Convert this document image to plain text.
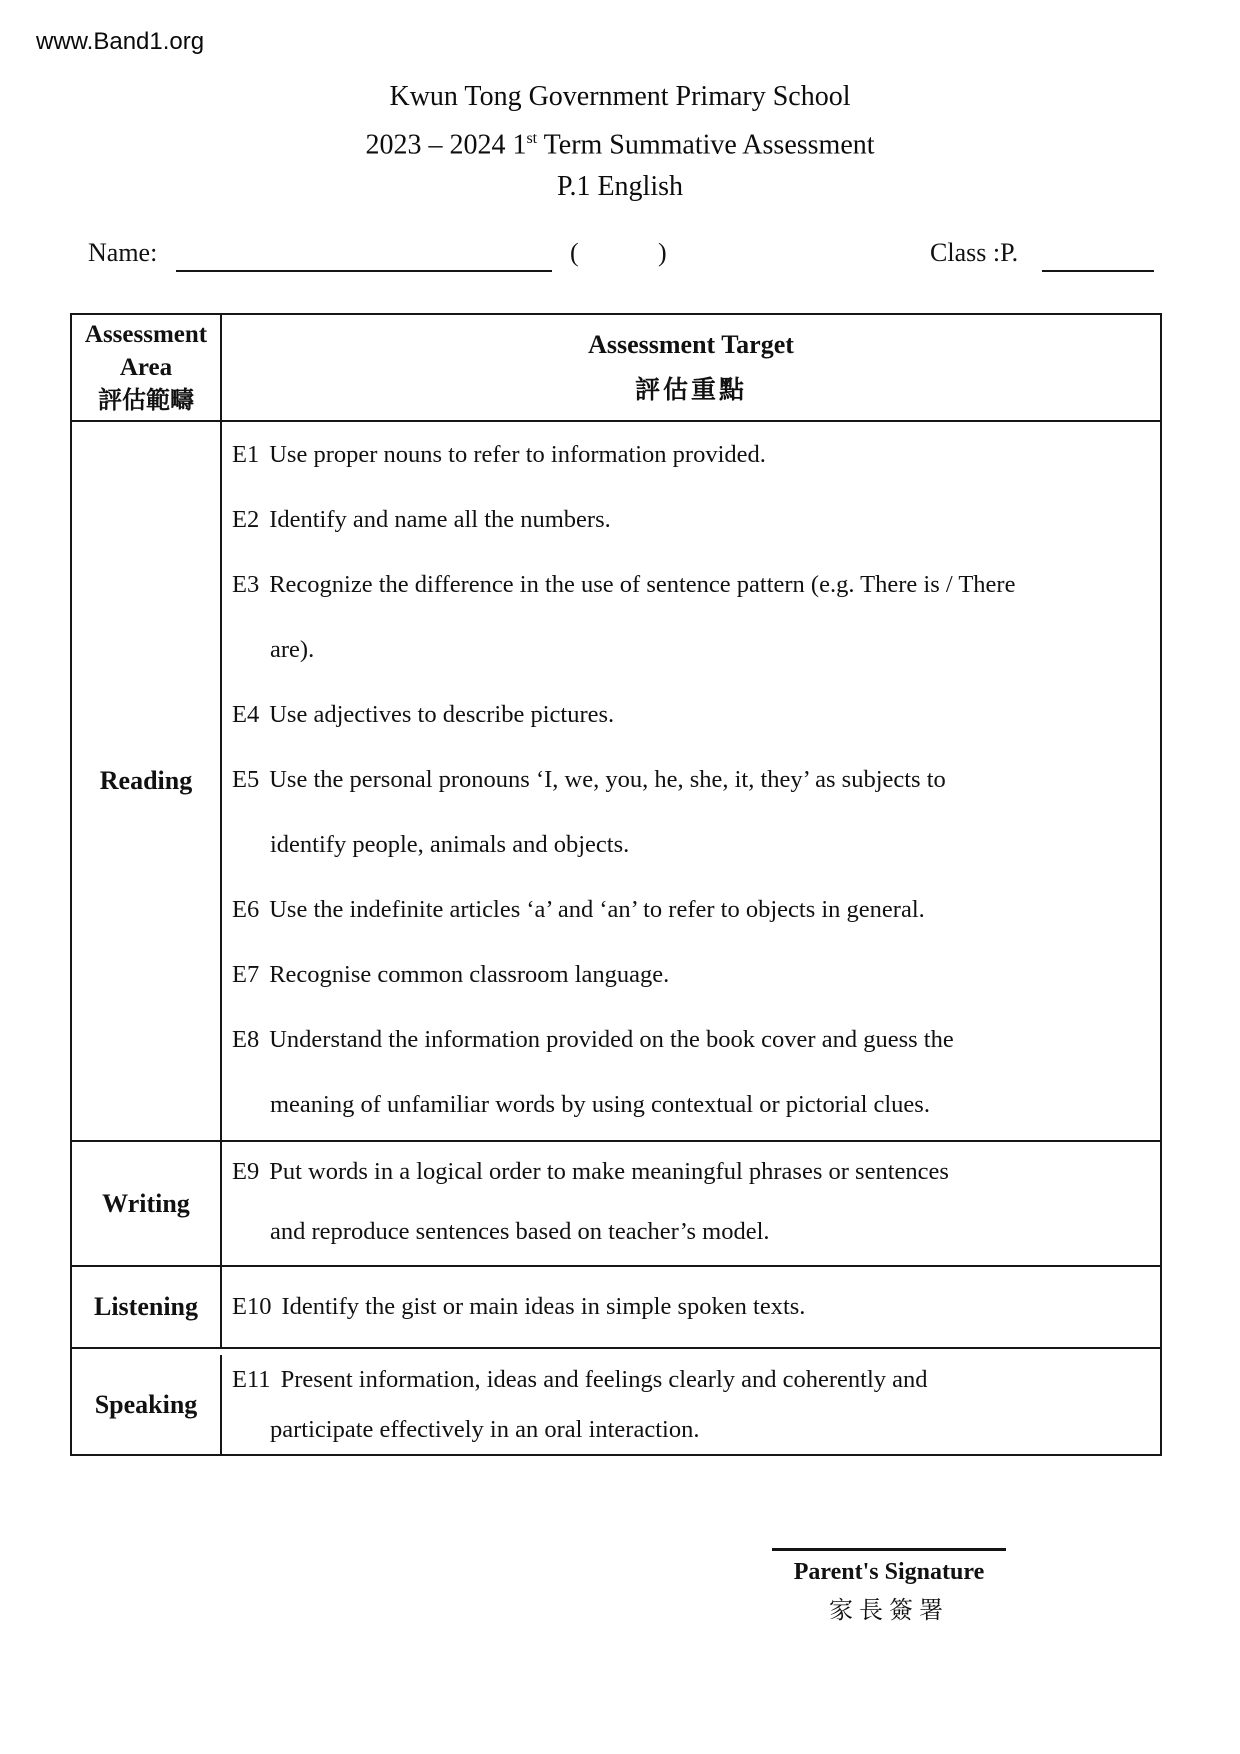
www.Band1.org
Kwun Tong Government Primary School
2023 – 2024 1st Term Summative Assessment
P.1 English
Name:	(	)	Class :P.
Assessment
Area
評估範疇
Assessment Target
評估重點
Reading
E1 Use proper nouns to refer to information provided.
E2 Identify and name all the numbers.
E3 Recognize the difference in the use of sentence pattern (e.g. There is / There
are).
E4 Use adjectives to describe pictures.
E5 Use the personal pronouns ‘I, we, you, he, she, it, they’ as subjects to
identify people, animals and objects.
E6 Use the indefinite articles ‘a’ and ‘an’ to refer to objects in general.
E7 Recognise common classroom language.
E8 Understand the information provided on the book cover and guess the
meaning of unfamiliar words by using contextual or pictorial clues.
Writing
E9 Put words in a logical order to make meaningful phrases or sentences
and reproduce sentences based on teacher’s model.
Listening E10 Identify the gist or main ideas in simple spoken texts.
Speaking
E11 Present information, ideas and feelings clearly and coherently and
participate effectively in an oral interaction.
Parent's Signature
家長簽署
